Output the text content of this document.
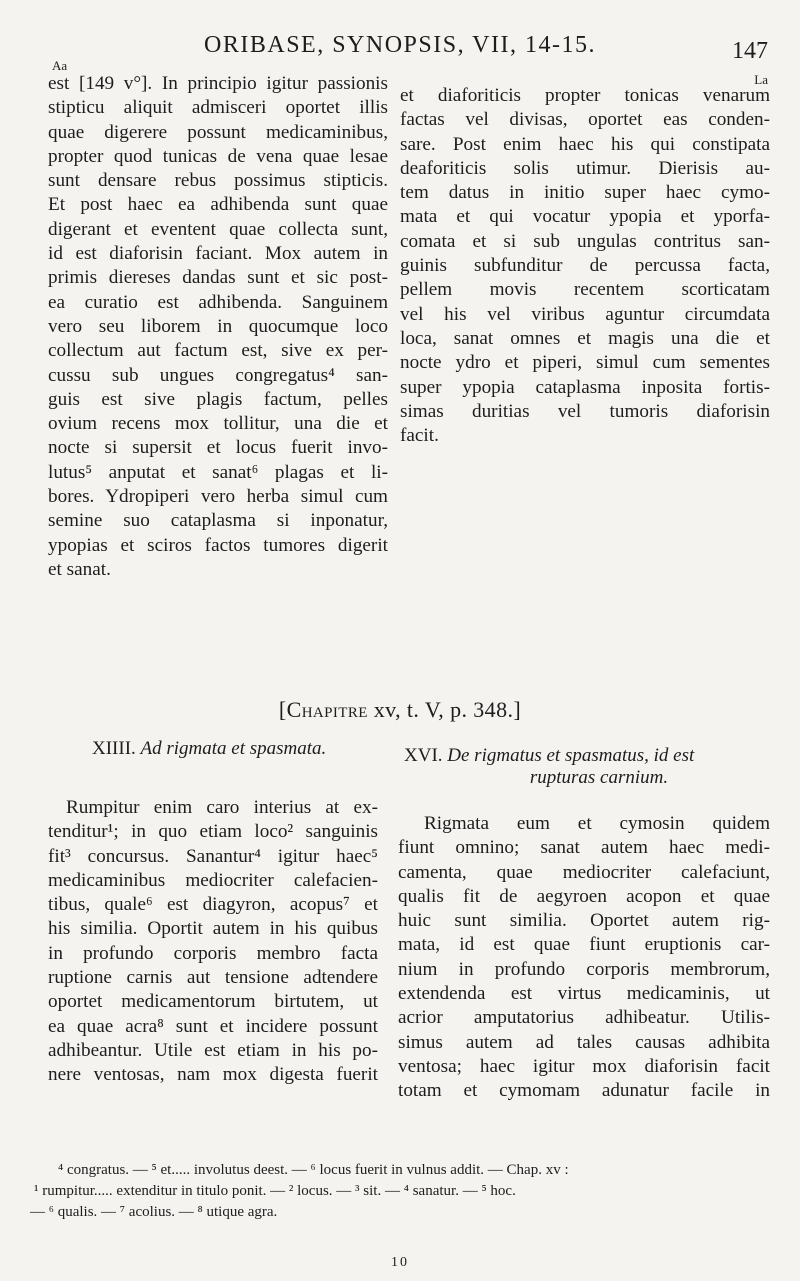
ORIBASE, SYNOPSIS, VII, 14-15.	147
Aa
La
est [149 v°]. In principio igitur passionis
stipticu aliquit admisceri oportet illis
quae digerere possunt medicaminibus,
propter quod tunicas de vena quae lesae
sunt densare rebus possimus stipticis.
Et post haec ea adhibenda sunt quae
digerant et eventent quae collecta sunt,
id est diaforisin faciant. Mox autem in
primis diereses dandas sunt et sic post-
ea curatio est adhibenda. Sanguinem
vero seu liborem in quocumque loco
collectum aut factum est, sive ex per-
cussu sub ungues congregatus⁴ san-
guis est sive plagis factum, pelles
ovium recens mox tollitur, una die et
nocte si supersit et locus fuerit invo-
lutus⁵ anputat et sanat⁶ plagas et li-
bores. Ydropiperi vero herba simul cum
semine suo cataplasma si inponatur,
ypopias et sciros factos tumores digerit
et sanat.
et diaforiticis propter tonicas venarum
factas vel divisas, oportet eas conden-
sare. Post enim haec his qui constipata
deaforiticis solis utimur. Dierisis au-
tem datus in initio super haec cymo-
mata et qui vocatur ypopia et yporfa-
comata et si sub ungulas contritus san-
guinis subfunditur de percussa facta,
pellem movis recentem scorticatam
vel his vel viribus aguntur circumdata
loca, sanat omnes et magis una die et
nocte ydro et piperi, simul cum sementes
super ypopia cataplasma inposita fortis-
simas duritias vel tumoris diaforisin
facit.
[Chapitre xv, t. V, p. 348.]
XIIII. Ad rigmata et spasmata.	XVI. De rigmatus et spasmatus, id est
rupturas carnium.
Rumpitur enim caro interius at ex-
tenditur¹; in quo etiam loco² sanguinis
fit³ concursus. Sanantur⁴ igitur haec⁵
medicaminibus mediocriter calefacien-
tibus, quale⁶ est diagyron, acopus⁷ et
his similia. Oportit autem in his quibus
in profundo corporis membro facta
ruptione carnis aut tensione adtendere
oportet medicamentorum birtutem, ut
ea quae acra⁸ sunt et incidere possunt
adhibeantur. Utile est etiam in his po-
nere ventosas, nam mox digesta fuerit
Rigmata eum et cymosin quidem
fiunt omnino; sanat autem haec medi-
camenta, quae mediocriter calefaciunt,
qualis fit de aegyroen acopon et quae
huic sunt similia. Oportet autem rig-
mata, id est quae fiunt eruptionis car-
nium in profundo corporis membrorum,
extendenda est virtus medicaminis, ut
acrior amputatorius adhibeatur. Utilis-
simus autem ad tales causas adhibita
ventosa; haec igitur mox diaforisin facit
totam et cymomam adunatur facile in
⁴ congratus. — ⁵ et..... involutus deest. — ⁶ locus fuerit in vulnus addit. — Chap. xv :
¹ rumpitur..... extenditur in titulo ponit. — ² locus. — ³ sit. — ⁴ sanatur. — ⁵ hoc.
— ⁶ qualis. — ⁷ acolius. — ⁸ utique agra.
10
